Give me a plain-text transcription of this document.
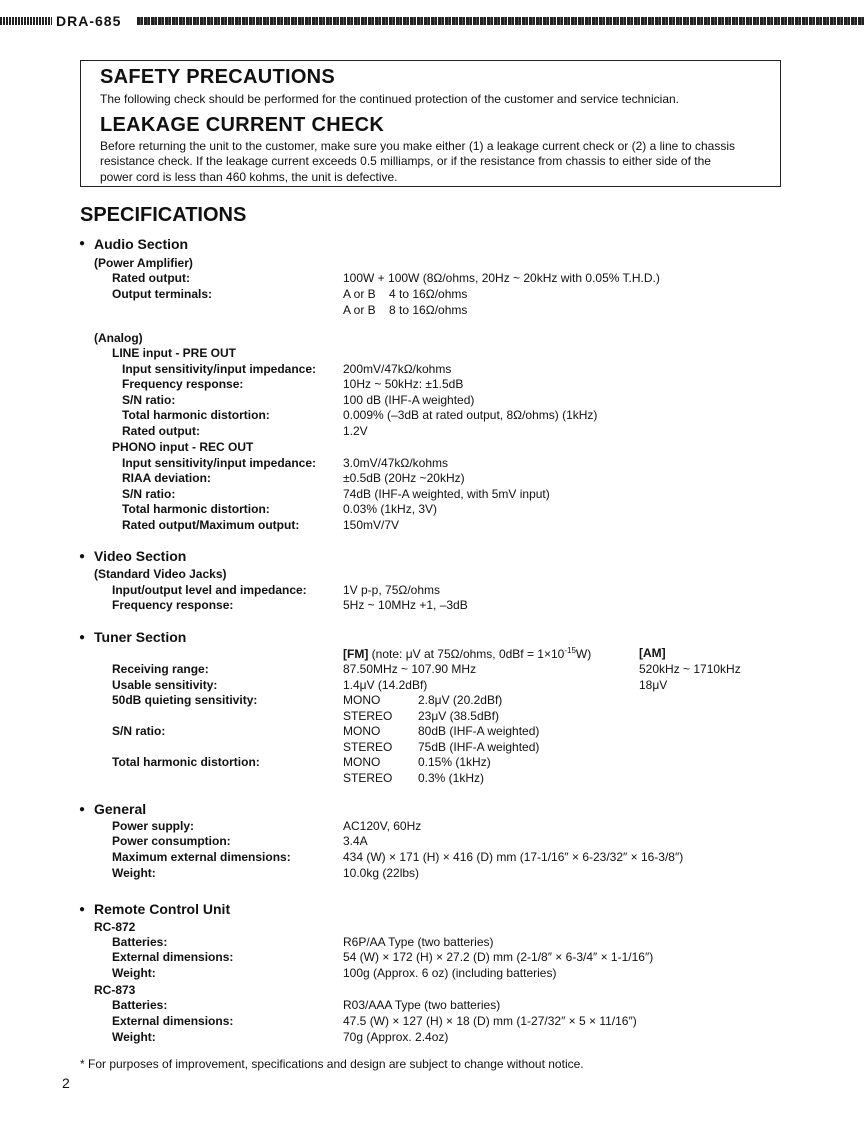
DRA-685
SAFETY PRECAUTIONS
The following check should be performed for the continued protection of the customer and service technician.
LEAKAGE CURRENT CHECK
Before returning the unit to the customer, make sure you make either (1) a leakage current check or (2) a line to chassis
resistance check. If the leakage current exceeds 0.5 milliamps, or if the resistance from chassis to either side of the
power cord is less than 460 kohms, the unit is defective.
SPECIFICATIONS
● Audio Section
(Power Amplifier)
Rated output:	100W + 100W (8Ω/ohms, 20Hz ~ 20kHz with 0.05% T.H.D.)
Output terminals:	A or B    4 to 16Ω/ohms
A or B    8 to 16Ω/ohms
(Analog)
LINE input - PRE OUT
Input sensitivity/input impedance: 200mV/47kΩ/kohms
Frequency response:	10Hz ~ 50kHz: ±1.5dB
S/N ratio:	100 dB (IHF-A weighted)
Total harmonic distortion:	0.009% (–3dB at rated output, 8Ω/ohms) (1kHz)
Rated output:	1.2V
PHONO input - REC OUT
Input sensitivity/input impedance: 3.0mV/47kΩ/kohms
RIAA deviation:	±0.5dB (20Hz ~20kHz)
S/N ratio:	74dB (IHF-A weighted, with 5mV input)
Total harmonic distortion:	0.03% (1kHz, 3V)
Rated output/Maximum output:	150mV/7V
● Video Section
(Standard Video Jacks)
Input/output level and impedance:	1V p-p, 75Ω/ohms
Frequency response:	5Hz ~ 10MHz +1, –3dB
● Tuner Section
[FM] (note: μV at 75Ω/ohms, $0dBf = 1\times 10^{-15}W$)	[AM]
Receiving range:	87.50MHz ~ 107.90 MHz	520kHz ~ 1710kHz
Usable sensitivity:	1.4μV (14.2dBf)	18μV
50dB quieting sensitivity:	MONO	2.8μV (20.2dBf)
STEREO 23μV (38.5dBf)
S/N ratio:	MONO	80dB (IHF-A weighted)
STEREO 75dB (IHF-A weighted)
Total harmonic distortion:	MONO	0.15% (1kHz)
STEREO 0.3% (1kHz)
● General
Power supply:	AC120V, 60Hz
Power consumption:	3.4A
Maximum external dimensions:	434 (W) × 171 (H) × 416 (D) mm (17-1/16″ × 6-23/32″ × 16-3/8″)
Weight:	10.0kg (22lbs)
● Remote Control Unit
RC-872
Batteries:	R6P/AA Type (two batteries)
External dimensions:	54 (W) × 172 (H) × 27.2 (D) mm (2-1/8″ × 6-3/4″ × 1-1/16″)
Weight:	100g (Approx. 6 oz) (including batteries)
RC-873
Batteries:	R03/AAA Type (two batteries)
External dimensions:	47.5 (W) × 127 (H) × 18 (D) mm (1-27/32″ × 5 × 11/16″)
Weight:	70g (Approx. 2.4oz)
* For purposes of improvement, specifications and design are subject to change without notice.
2
